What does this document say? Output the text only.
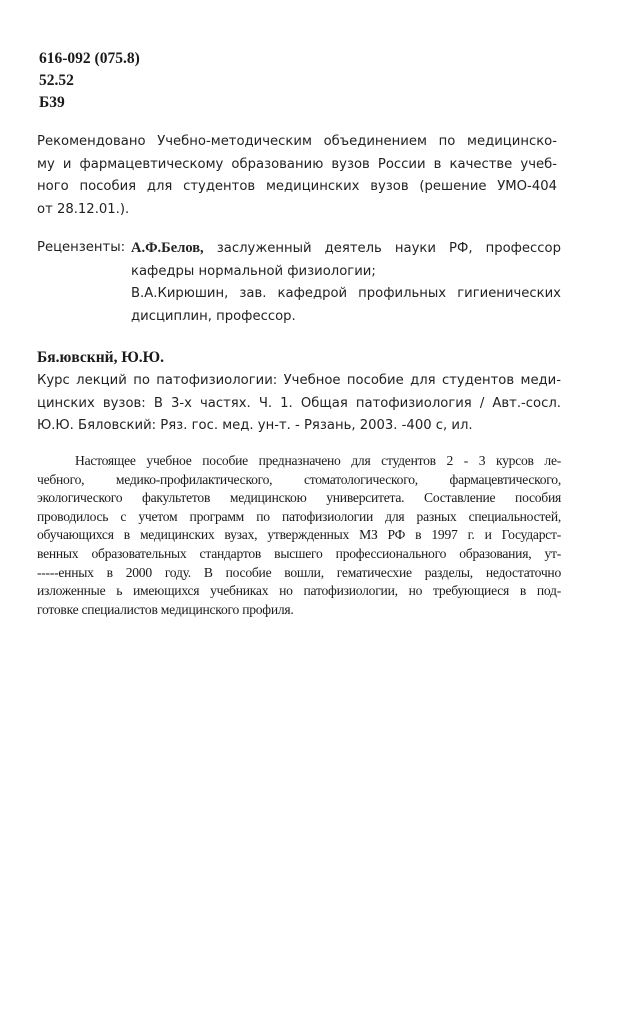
616-092 (075.8)
52.52
Б39
Рекомендовано Учебно-методическим объединением по медицинско-
му и фармацевтическому образованию вузов России в качестве учеб-
ного пособия для студентов медицинских вузов (решение УМО-404
от 28.12.01.).
Рецензенты: А.Ф.Белов, заслуженный деятель науки РФ, профессор
кафедры нормальной физиологии;
В.А.Кирюшин, зав. кафедрой профильных гигиенических
дисциплин, профессор.
Бя.ювскнй, Ю.Ю.
Курс лекций по патофизиологии: Учебное пособие для студентов меди-
цинских вузов: В 3-х частях. Ч. 1. Общая патофизиология / Авт.-сосл.
Ю.Ю. Бяловский: Ряз. гос. мед. ун-т. - Рязань, 2003. -400 с, ил.
Настоящее учебное пособие предназначено для студентов 2 - 3 курсов ле-
чебного, медико-профилактического, стоматологического, фармацевтического,
экологического факультетов медицинскою университета. Составление пособия
проводилось с учетом программ по патофизиологии для разных специальностей,
обучающихся в медицинских вузах, утвержденных МЗ РФ в 1997 г. и Государст-
венных образовательных стандартов высшего профессионального образования, ут-
-----енных в 2000 году. В пособие вошли, гематичесхие разделы, недостаточно
изложенные ь имеющихся учебниках но патофизиологии, но требующиеся в под-
готовке специалистов медицинского профиля.
